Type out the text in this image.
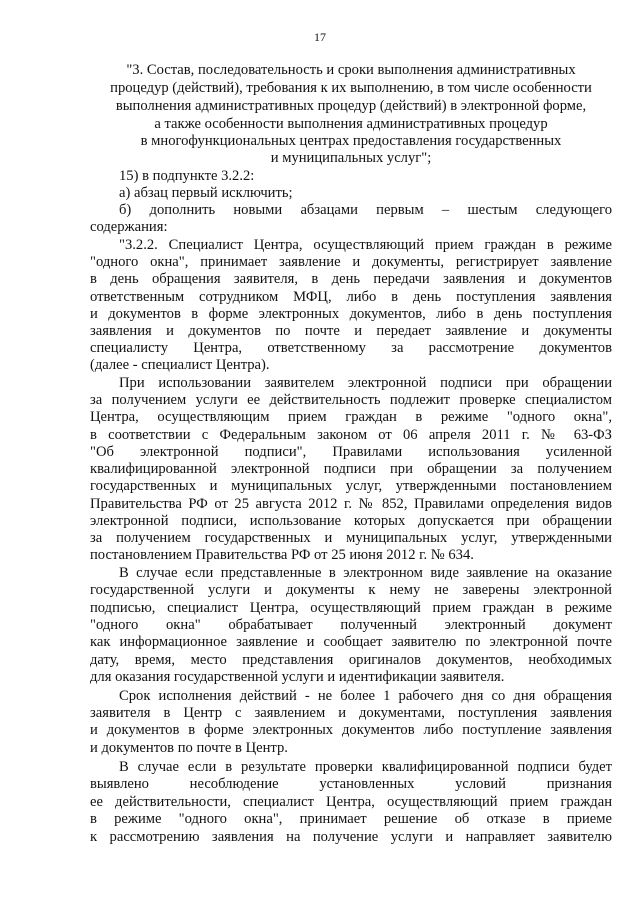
17
"3. Состав, последовательность и сроки выполнения административных
процедур (действий), требования к их выполнению, в том числе особенности
выполнения административных процедур (действий) в электронной форме,
а также особенности выполнения административных процедур
в многофункциональных центрах предоставления государственных
и муниципальных услуг";
15) в подпункте 3.2.2:
а) абзац первый исключить;
б) дополнить новыми абзацами первым – шестым следующего
содержания:
"3.2.2. Специалист Центра, осуществляющий прием граждан в режиме
"одного окна", принимает заявление и документы, регистрирует заявление
в день обращения заявителя, в день передачи заявления и документов
ответственным сотрудником МФЦ, либо в день поступления заявления
и документов в форме электронных документов, либо в день поступления
заявления и документов по почте и передает заявление и документы
специалисту Центра, ответственному за рассмотрение документов
(далее - специалист Центра).
При использовании заявителем электронной подписи при обращении
за получением услуги ее действительность подлежит проверке специалистом
Центра, осуществляющим прием граждан в режиме "одного окна",
в соответствии с Федеральным законом от 06 апреля 2011 г. № 63-ФЗ
"Об электронной подписи", Правилами использования усиленной
квалифицированной электронной подписи при обращении за получением
государственных и муниципальных услуг, утвержденными постановлением
Правительства РФ от 25 августа 2012 г. № 852, Правилами определения видов
электронной подписи, использование которых допускается при обращении
за получением государственных и муниципальных услуг, утвержденными
постановлением Правительства РФ от 25 июня 2012 г. № 634.
В случае если представленные в электронном виде заявление на оказание
государственной услуги и документы к нему не заверены электронной
подписью, специалист Центра, осуществляющий прием граждан в режиме
"одного окна" обрабатывает полученный электронный документ
как информационное заявление и сообщает заявителю по электронной почте
дату, время, место представления оригиналов документов, необходимых
для оказания государственной услуги и идентификации заявителя.
Срок исполнения действий - не более 1 рабочего дня со дня обращения
заявителя в Центр с заявлением и документами, поступления заявления
и документов в форме электронных документов либо поступление заявления
и документов по почте в Центр.
В случае если в результате проверки квалифицированной подписи будет
выявлено несоблюдение установленных условий признания
ее действительности, специалист Центра, осуществляющий прием граждан
в режиме "одного окна", принимает решение об отказе в приеме
к рассмотрению заявления на получение услуги и направляет заявителю
